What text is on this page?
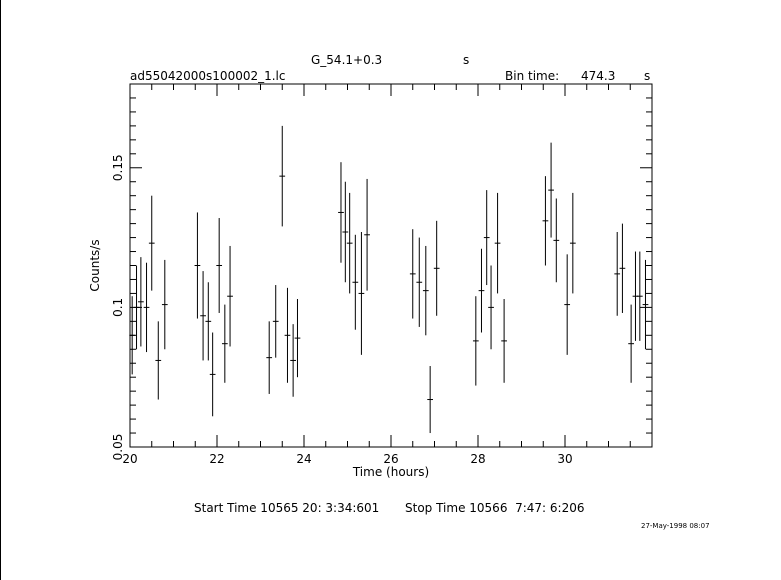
G_54.1+0.3	s
ad55042000s100002_1.lc	Bin time: 474.3 s
20	22	24	26	28	30
0.05
0.1
0.15
Time (hours)
Counts/s
Start Time 10565 20: 3:34:601 Stop Time 10566  7:47: 6:206
27-May-1998 08:07
